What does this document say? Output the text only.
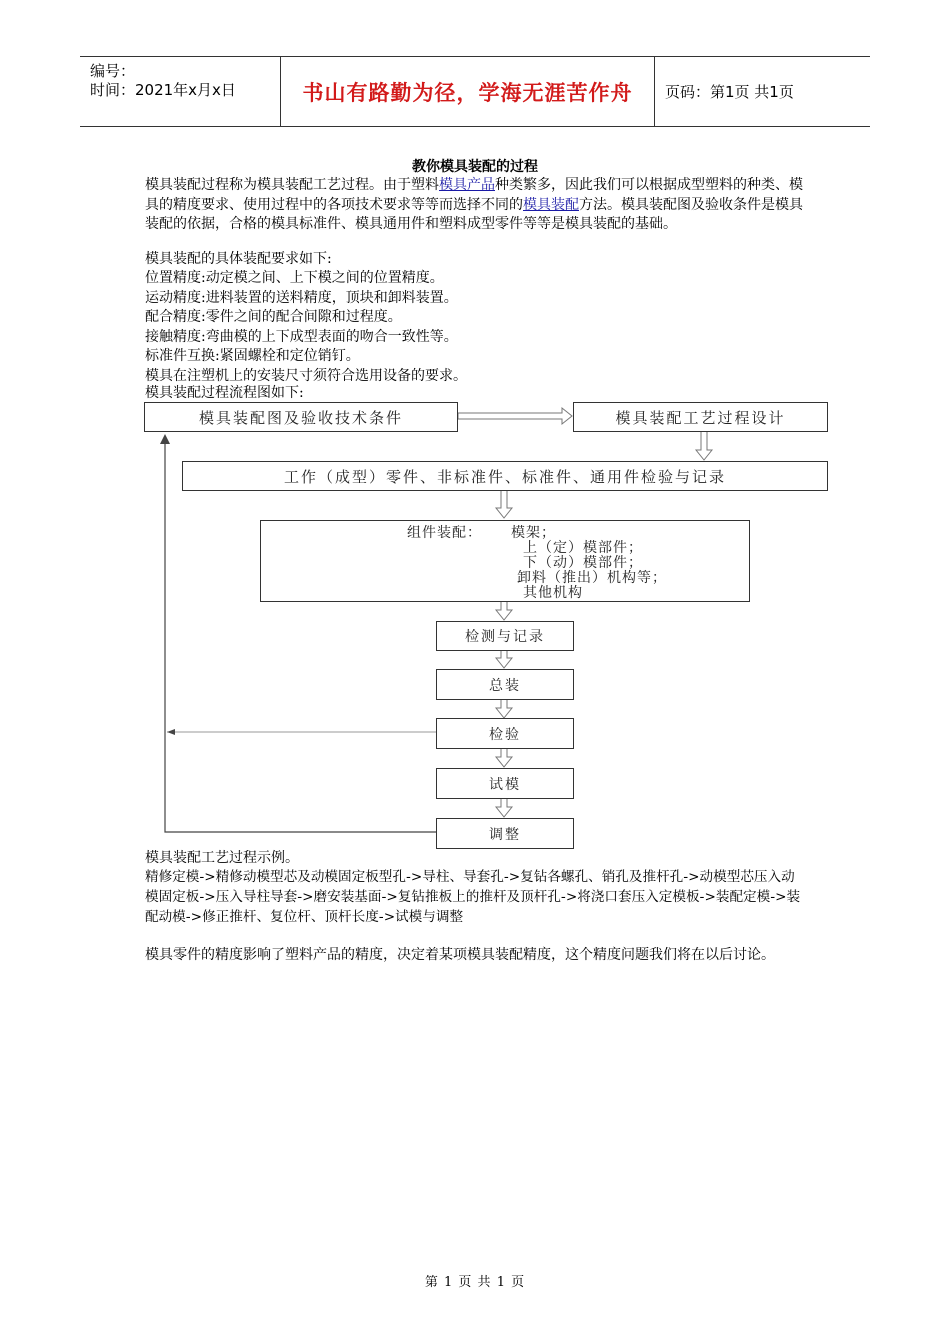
编号：
时间：2021年x月x日	书山有路勤为径，学海无涯苦作舟	页码：第1页 共1页
教你模具装配的过程
模具装配过程称为模具装配工艺过程。由于塑料模具产品种类繁多，因此我们可以根据成型塑料的种类、模具的精度要求、使用过程中的各项技术要求等等而选择不同的模具装配方法。模具装配图及验收条件是模具装配的依据，合格的模具标准件、模具通用件和塑料成型零件等等是模具装配的基础。
模具装配的具体装配要求如下:
位置精度:动定模之间、上下模之间的位置精度。
运动精度:进料装置的送料精度，顶块和卸料装置。
配合精度:零件之间的配合间隙和过程度。
接触精度:弯曲模的上下成型表面的吻合一致性等。
标准件互换:紧固螺栓和定位销钉。
模具在注塑机上的安装尺寸须符合选用设备的要求。
模具装配过程流程图如下:
模具装配图及验收技术条件	模具装配工艺过程设计
工作（成型）零件、非标准件、标准件、通用件检验与记录
组件装配： 模架；
上（定）模部件；
下（动）模部件；
卸料（推出）机构等；
其他机构
检测与记录
总装
检验
试模
调整
模具装配工艺过程示例。
精修定模->精修动模型芯及动模固定板型孔->导柱、导套孔->复钻各螺孔、销孔及推杆孔->动模型芯压入动模固定板->压入导柱导套->磨安装基面->复钻推板上的推杆及顶杆孔->将浇口套压入定模板->装配定模->装配动模->修正推杆、复位杆、顶杆长度->试模与调整
模具零件的精度影响了塑料产品的精度，决定着某项模具装配精度，这个精度问题我们将在以后讨论。
第 1 页 共 1 页
